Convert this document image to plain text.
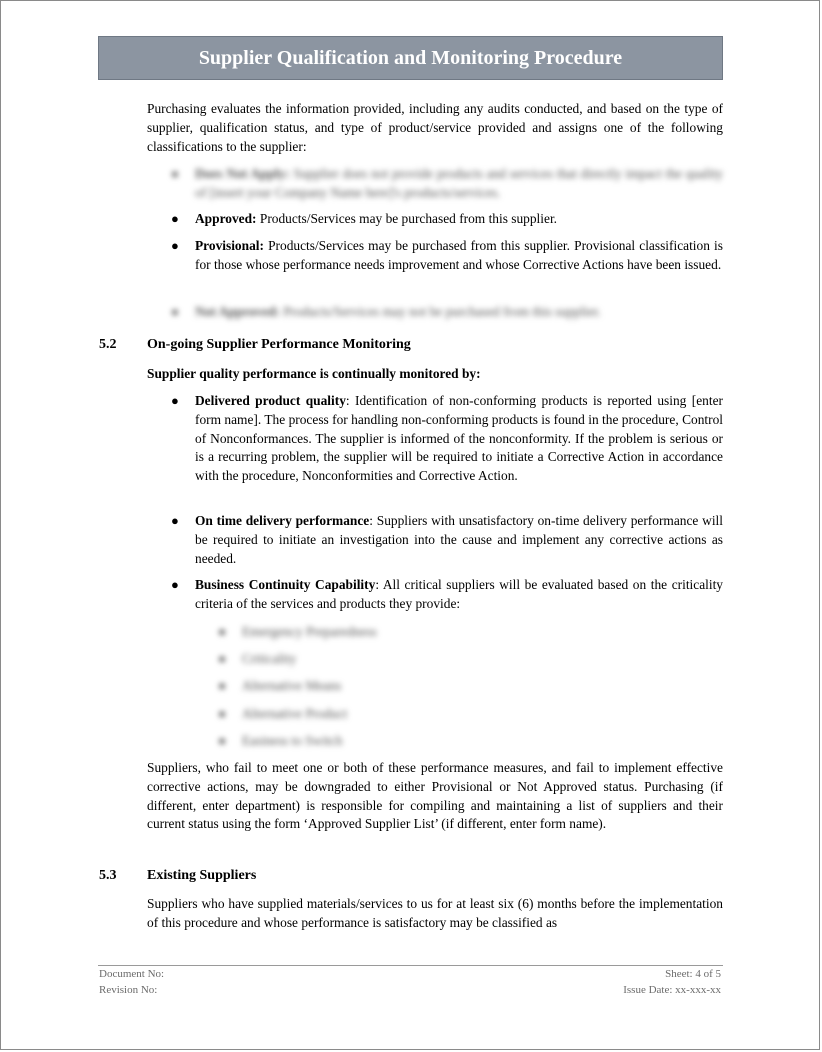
Supplier Qualification and Monitoring Procedure
Purchasing evaluates the information provided, including any audits conducted, and based on the type of supplier, qualification status, and type of product/service provided and assigns one of the following classifications to the supplier:
● Does Not Apply: Supplier does not provide products and services that directly impact the quality of [insert your Company Name here]'s products/services.
● Approved: Products/Services may be purchased from this supplier.
● Provisional: Products/Services may be purchased from this supplier. Provisional classification is for those whose performance needs improvement and whose Corrective Actions have been issued.
● Not Approved: Products/Services may not be purchased from this supplier.
5.2 On-going Supplier Performance Monitoring
Supplier quality performance is continually monitored by:
● Delivered product quality: Identification of non-conforming products is reported using [enter form name]. The process for handling non-conforming products is found in the procedure, Control of Nonconformances. The supplier is informed of the nonconformity. If the problem is serious or is a recurring problem, the supplier will be required to initiate a Corrective Action in accordance with the procedure, Nonconformities and Corrective Action.
● On time delivery performance: Suppliers with unsatisfactory on-time delivery performance will be required to initiate an investigation into the cause and implement any corrective actions as needed.
● Business Continuity Capability: All critical suppliers will be evaluated based on the criticality criteria of the services and products they provide:
● Emergency Preparedness
● Criticality
● Alternative Means
● Alternative Product
● Easiness to Switch
Suppliers, who fail to meet one or both of these performance measures, and fail to implement effective corrective actions, may be downgraded to either Provisional or Not Approved status. Purchasing (if different, enter department) is responsible for compiling and maintaining a list of suppliers and their current status using the form ‘Approved Supplier List’ (if different, enter form name).
5.3 Existing Suppliers
Suppliers who have supplied materials/services to us for at least six (6) months before the implementation of this procedure and whose performance is satisfactory may be classified as
Document No:
Revision No:
Sheet: 4 of 5
Issue Date: xx-xxx-xx
